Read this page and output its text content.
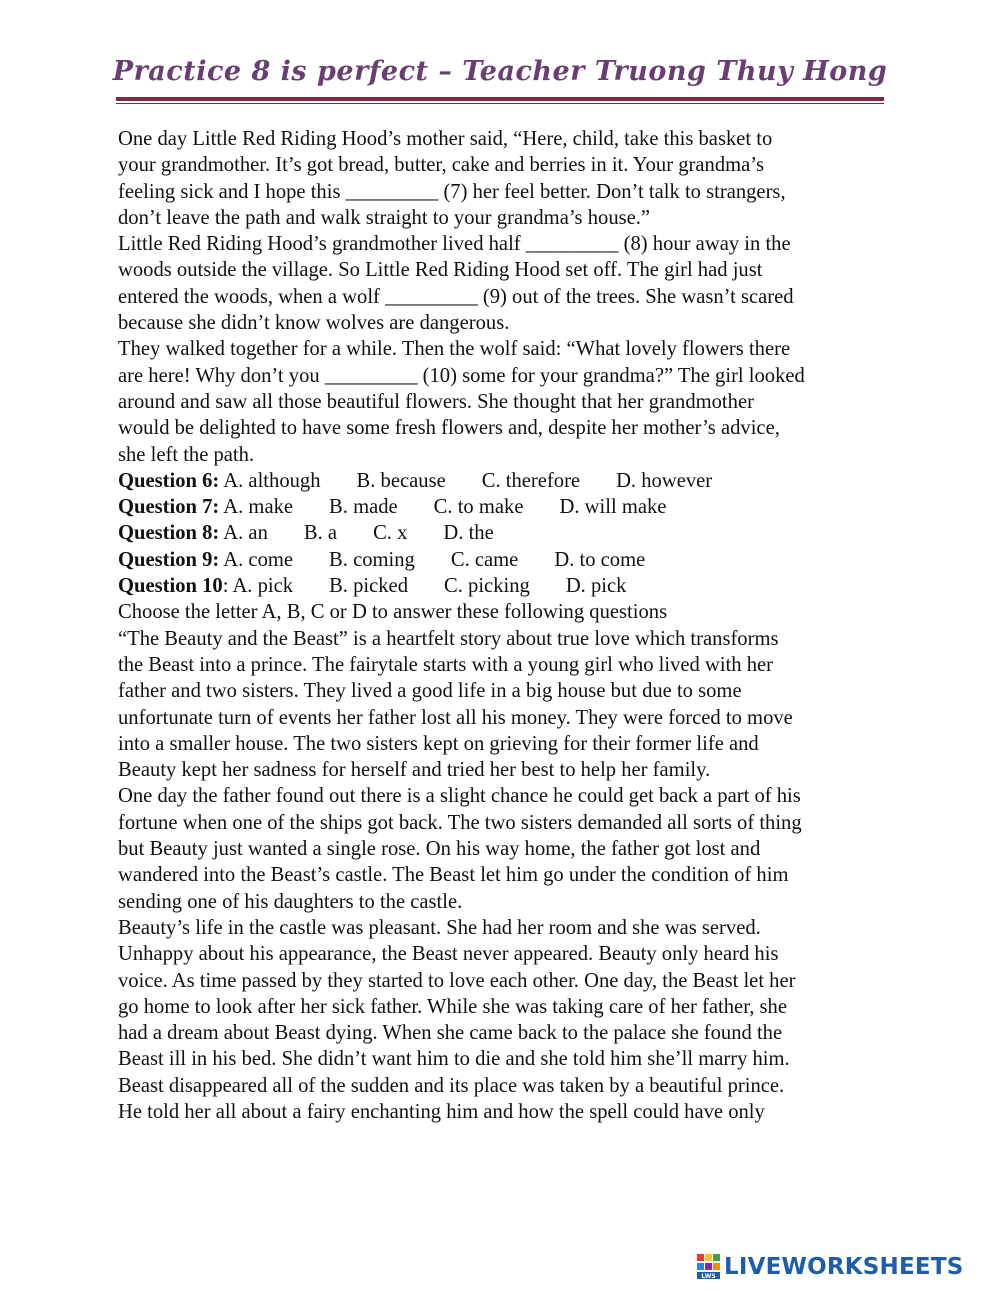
Practice 8 is perfect – Teacher Truong Thuy Hong
One day Little Red Riding Hood’s mother said, “Here, child, take this basket to
your grandmother. It’s got bread, butter, cake and berries in it. Your grandma’s
feeling sick and I hope this _________ (7) her feel better. Don’t talk to strangers,
don’t leave the path and walk straight to your grandma’s house.”
Little Red Riding Hood’s grandmother lived half _________ (8) hour away in the
woods outside the village. So Little Red Riding Hood set off. The girl had just
entered the woods, when a wolf _________ (9) out of the trees. She wasn’t scared
because she didn’t know wolves are dangerous.
They walked together for a while. Then the wolf said: “What lovely flowers there
are here! Why don’t you _________ (10) some for your grandma?” The girl looked
around and saw all those beautiful flowers. She thought that her grandmother
would be delighted to have some fresh flowers and, despite her mother’s advice,
she left the path.
Question 6: A. although B. because C. therefore D. however
Question 7: A. make B. made C. to make D. will make
Question 8: A. an B. a C. x D. the
Question 9: A. come B. coming C. came D. to come
Question 10: A. pick B. picked C. picking D. pick
Choose the letter A, B, C or D to answer these following questions
“The Beauty and the Beast” is a heartfelt story about true love which transforms
the Beast into a prince. The fairytale starts with a young girl who lived with her
father and two sisters. They lived a good life in a big house but due to some
unfortunate turn of events her father lost all his money. They were forced to move
into a smaller house. The two sisters kept on grieving for their former life and
Beauty kept her sadness for herself and tried her best to help her family.
One day the father found out there is a slight chance he could get back a part of his
fortune when one of the ships got back. The two sisters demanded all sorts of thing
but Beauty just wanted a single rose. On his way home, the father got lost and
wandered into the Beast’s castle. The Beast let him go under the condition of him
sending one of his daughters to the castle.
Beauty’s life in the castle was pleasant. She had her room and she was served.
Unhappy about his appearance, the Beast never appeared. Beauty only heard his
voice. As time passed by they started to love each other. One day, the Beast let her
go home to look after her sick father. While she was taking care of her father, she
had a dream about Beast dying. When she came back to the palace she found the
Beast ill in his bed. She didn’t want him to die and she told him she’ll marry him.
Beast disappeared all of the sudden and its place was taken by a beautiful prince.
He told her all about a fairy enchanting him and how the spell could have only
LWS LIVEWORKSHEETS
